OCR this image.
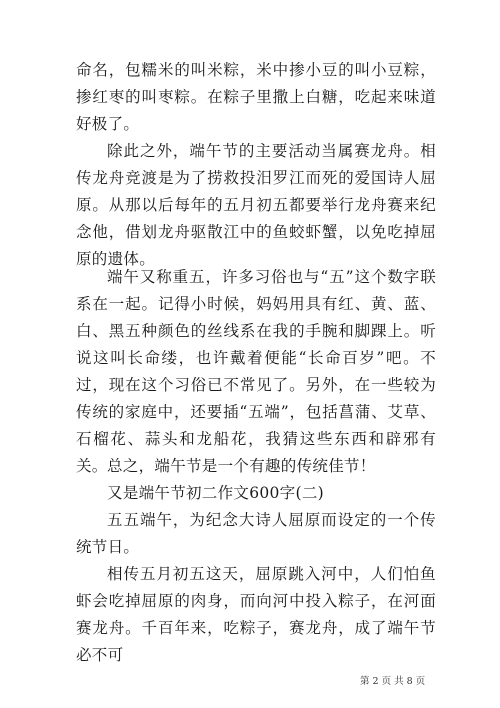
命名，包糯米的叫米粽，米中掺小豆的叫小豆粽，掺红枣的叫枣粽。在粽子里撒上白糖，吃起来味道好极了。

除此之外，端午节的主要活动当属赛龙舟。相传龙舟竞渡是为了捞救投汨罗江而死的爱国诗人屈原。从那以后每年的五月初五都要举行龙舟赛来纪念他，借划龙舟驱散江中的鱼蛟虾蟹，以免吃掉屈原的遗体。

端午又称重五，许多习俗也与“五”这个数字联系在一起。记得小时候，妈妈用具有红、黄、蓝、白、黑五种颜色的丝线系在我的手腕和脚踝上。听说这叫长命缕，也许戴着便能“长命百岁”吧。不过，现在这个习俗已不常见了。另外，在一些较为传统的家庭中，还要插“五端”，包括菖蒲、艾草、石榴花、蒜头和龙船花，我猜这些东西和辟邪有关。 总之，端午节是一个有趣的传统佳节！

又是端午节初二作文600字(二)

五五端午，为纪念大诗人屈原而设定的一个传统节日。

相传五月初五这天，屈原跳入河中，人们怕鱼虾会吃掉屈原的肉身，而向河中投入粽子，在河面赛龙舟。千百年来，吃粽子，赛龙舟，成了端午节必不可

第 2 页 共 8 页
